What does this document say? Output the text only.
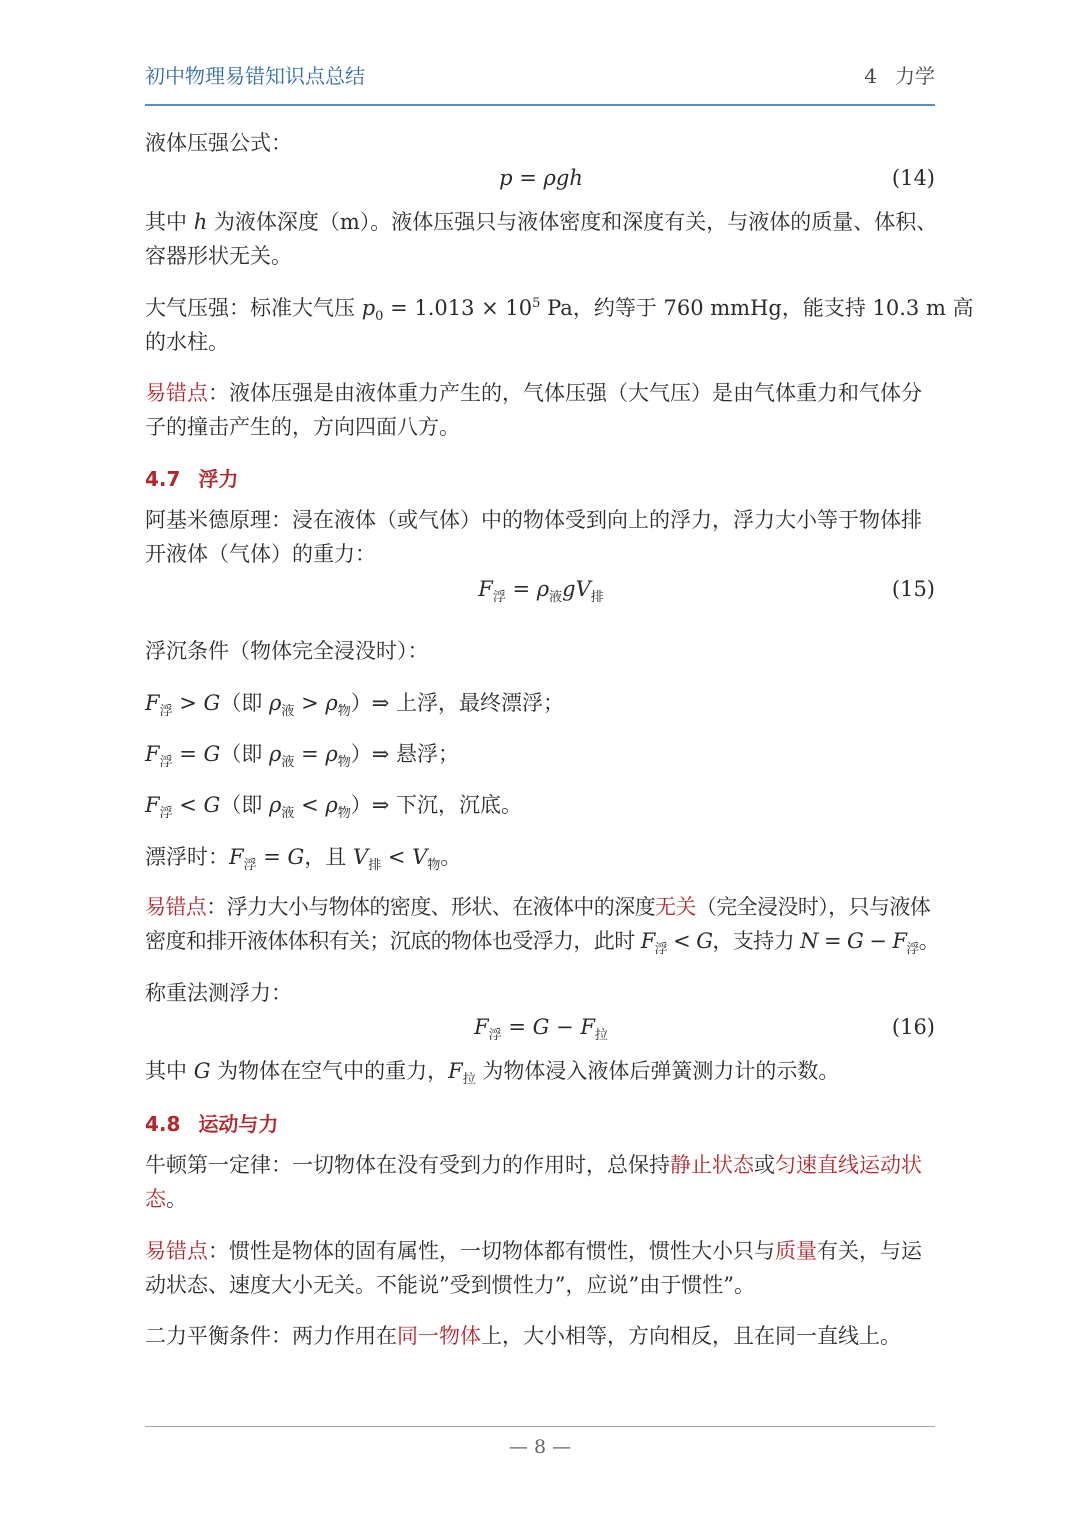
初中物理易错知识点总结	4 力学
液体压强公式：
p = ρgh	(14)
其中 h 为液体深度（m）。液体压强只与液体密度和深度有关，与液体的质量、体积、
容器形状无关。
大气压强：标准大气压 $p_0 = 1.013 \times 10^5$ Pa，约等于 760 mmHg，能支持 10.3 m 高
的水柱。
易错点：液体压强是由液体重力产生的，气体压强（大气压）是由气体重力和气体分
子的撞击产生的，方向四面八方。
4.7 浮力
阿基米德原理：浸在液体（或气体）中的物体受到向上的浮力，浮力大小等于物体排
开液体（气体）的重力：
$F_浮 = \rho_液gV_排$	(15)
浮沉条件（物体完全浸没时）：
$F_浮 > G$（即 $\rho_液$ > $\rho_物)\Rightarrow$ 上浮，最终漂浮；
$F_浮 = G$（即 $\rho_液$ = $\rho_物)\Rightarrow$ 悬浮；
$F_浮 < G$（即 $\rho_液$ < $\rho_物)\Rightarrow$ 下沉，沉底。
漂浮时：$F_浮 = G$，且 $V_排 < V_物$。
易错点：浮力大小与物体的密度、形状、在液体中的深度无关（完全浸没时），只与液体
密度和排开液体体积有关；沉底的物体也受浮力，此时 $F_浮 < G$，支持力 $N = G - F_浮$。
称重法测浮力：
$F_浮 = G - F_拉$	(16)
其中 G 为物体在空气中的重力，$F_拉$ 为物体浸入液体后弹簧测力计的示数。
4.8 运动与力
牛顿第一定律：一切物体在没有受到力的作用时，总保持静止状态或匀速直线运动状
态。
易错点：惯性是物体的固有属性，一切物体都有惯性，惯性大小只与质量有关，与运
动状态、速度大小无关。不能说”受到惯性力”，应说”由于惯性”。
二力平衡条件：两力作用在同一物体上，大小相等，方向相反，且在同一直线上。
— 8 —
